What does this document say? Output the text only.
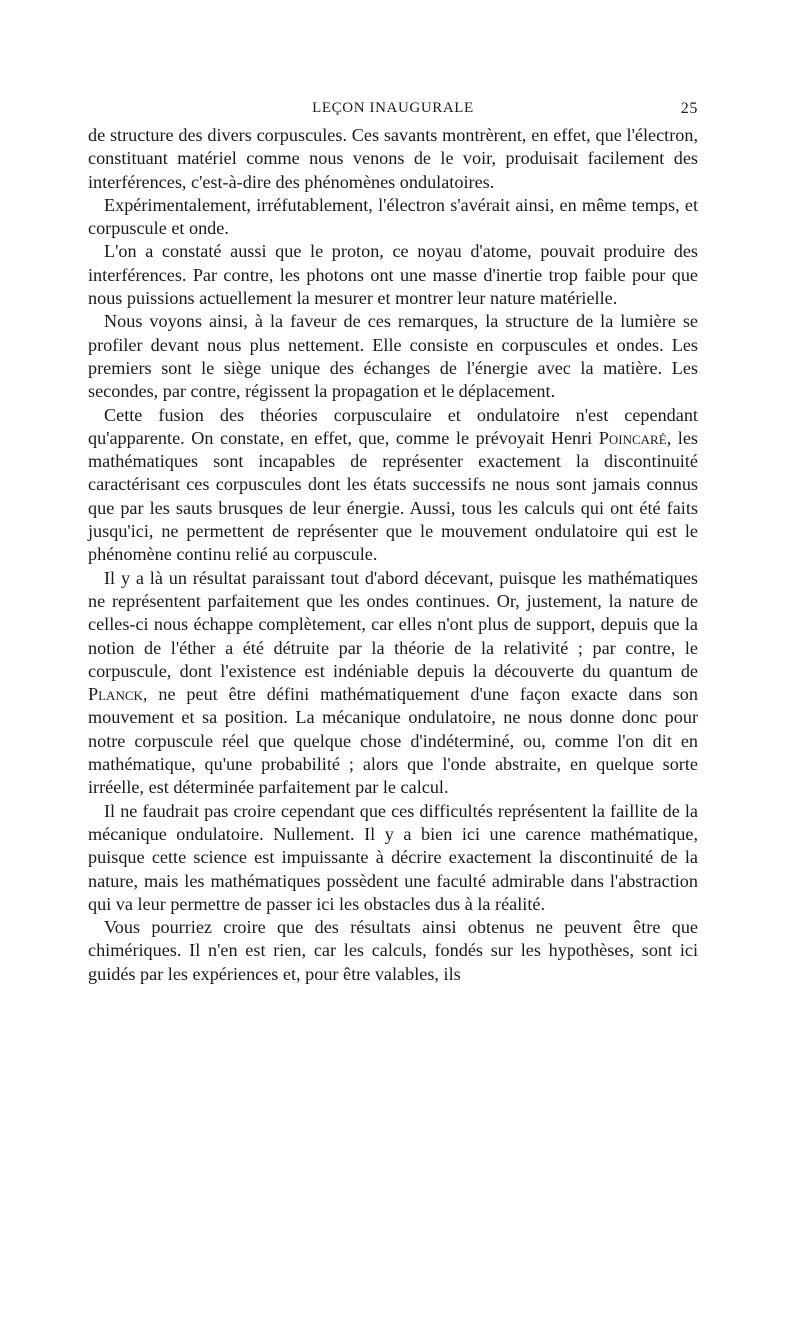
LEÇON INAUGURALE	25

de structure des divers corpuscules. Ces savants montrèrent, en effet, que l'électron, constituant matériel comme nous venons de le voir, produisait facilement des interférences, c'est-à-dire des phénomènes ondulatoires.

Expérimentalement, irréfutablement, l'électron s'avérait ainsi, en même temps, et corpuscule et onde.

L'on a constaté aussi que le proton, ce noyau d'atome, pouvait produire des interférences. Par contre, les photons ont une masse d'inertie trop faible pour que nous puissions actuellement la mesurer et montrer leur nature matérielle.

Nous voyons ainsi, à la faveur de ces remarques, la structure de la lumière se profiler devant nous plus nettement. Elle consiste en corpuscules et ondes. Les premiers sont le siège unique des échanges de l'énergie avec la matière. Les secondes, par contre, régissent la propagation et le déplacement.

Cette fusion des théories corpusculaire et ondulatoire n'est cependant qu'apparente. On constate, en effet, que, comme le prévoyait Henri Poincaré, les mathématiques sont incapables de représenter exactement la discontinuité caractérisant ces corpuscules dont les états successifs ne nous sont jamais connus que par les sauts brusques de leur énergie. Aussi, tous les calculs qui ont été faits jusqu'ici, ne permettent de représenter que le mouvement ondulatoire qui est le phénomène continu relié au corpuscule.

Il y a là un résultat paraissant tout d'abord décevant, puisque les mathématiques ne représentent parfaitement que les ondes continues. Or, justement, la nature de celles-ci nous échappe complètement, car elles n'ont plus de support, depuis que la notion de l'éther a été détruite par la théorie de la relativité ; par contre, le corpuscule, dont l'existence est indéniable depuis la découverte du quantum de Planck, ne peut être défini mathématiquement d'une façon exacte dans son mouvement et sa position. La mécanique ondulatoire, ne nous donne donc pour notre corpuscule réel que quelque chose d'indéterminé, ou, comme l'on dit en mathématique, qu'une probabilité ; alors que l'onde abstraite, en quelque sorte irréelle, est déterminée parfaitement par le calcul.

Il ne faudrait pas croire cependant que ces difficultés représentent la faillite de la mécanique ondulatoire. Nullement. Il y a bien ici une carence mathématique, puisque cette science est impuissante à décrire exactement la discontinuité de la nature, mais les mathématiques possèdent une faculté admirable dans l'abstraction qui va leur permettre de passer ici les obstacles dus à la réalité.

Vous pourriez croire que des résultats ainsi obtenus ne peuvent être que chimériques. Il n'en est rien, car les calculs, fondés sur les hypothèses, sont ici guidés par les expériences et, pour être valables, ils
